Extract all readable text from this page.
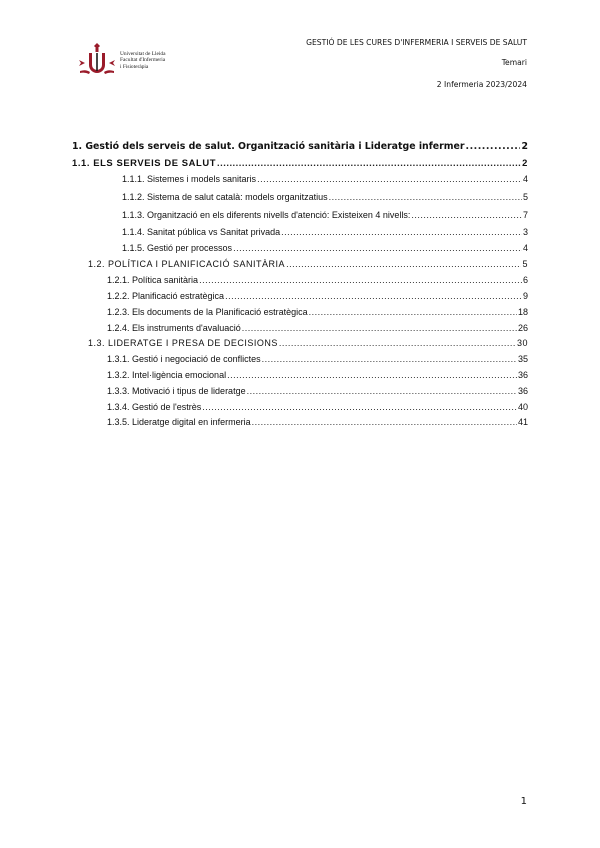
Universitat de Lleida
Facultat d'Infermeria
i Fisioteràpia
GESTIÓ DE LES CURES D'INFERMERIA I SERVEIS DE SALUT
Temari
2 Infermeria 2023/2024
1. Gestió dels serveis de salut. Organització sanitària i Lideratge infermer .....	2
1.1. ELS SERVEIS DE SALUT .....	2
1.1.1. Sistemes i models sanitaris .....	4
1.1.2. Sistema de salut català: models organitzatius .....	5
1.1.3. Organització en els diferents nivells d'atenció: Existeixen 4 nivells: .....	7
1.1.4. Sanitat pública vs Sanitat privada .....	3
1.1.5. Gestió per processos .....	4
1.2. POLÍTICA I PLANIFICACIÓ SANITÀRIA .....	5
1.2.1. Política sanitària .....	6
1.2.2. Planificació estratègica .....	9
1.2.3. Els documents de la Planificació estratègica .....	18
1.2.4. Els instruments d'avaluació .....	26
1.3. LIDERATGE I PRESA DE DECISIONS .....	30
1.3.1. Gestió i negociació de conflictes .....	35
1.3.2. Intel·ligència emocional .....	36
1.3.3. Motivació i tipus de lideratge .....	36
1.3.4. Gestió de l'estrès .....	40
1.3.5. Lideratge digital en infermeria .....	41
1
